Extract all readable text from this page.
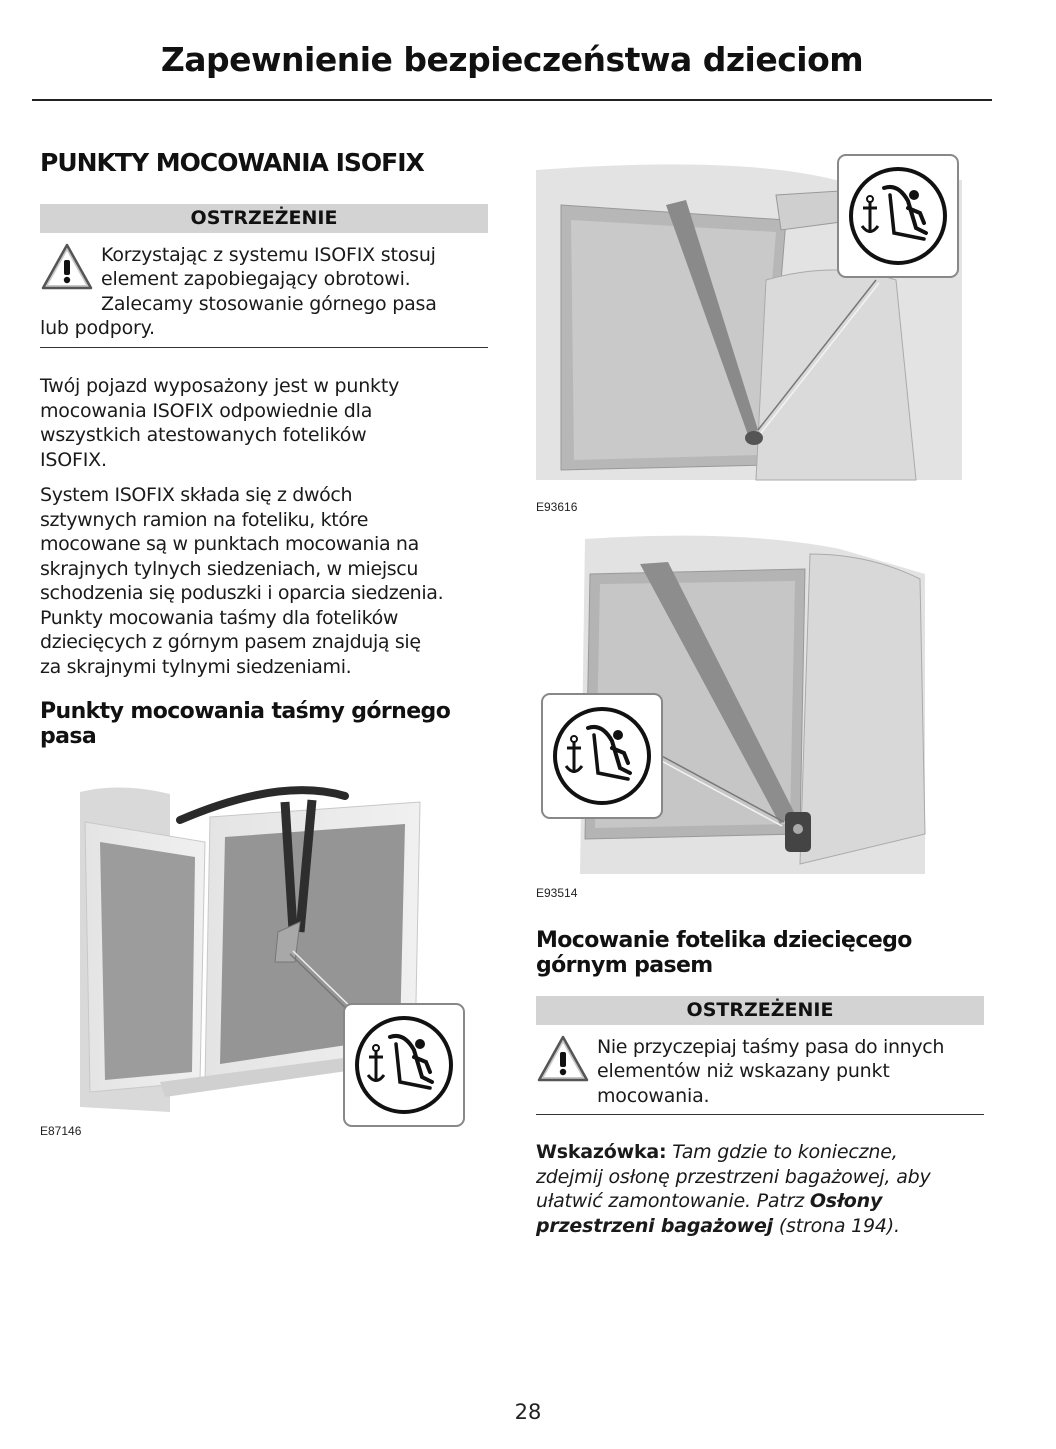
Zapewnienie bezpieczeństwa dzieciom
PUNKTY MOCOWANIA ISOFIX
OSTRZEŻENIE
Korzystając z systemu ISOFIX stosuj
element zapobiegający obrotowi.
Zalecamy stosowanie górnego pasa
lub podpory.
Twój pojazd wyposażony jest w punkty
mocowania ISOFIX odpowiednie dla
wszystkich atestowanych fotelików
ISOFIX.
System ISOFIX składa się z dwóch
sztywnych ramion na foteliku, które
mocowane są w punktach mocowania na
skrajnych tylnych siedzeniach, w miejscu
schodzenia się poduszki i oparcia siedzenia.
Punkty mocowania taśmy dla fotelików
dziecięcych z górnym pasem znajdują się
za skrajnymi tylnymi siedzeniami.
Punkty mocowania taśmy górnego
pasa
E87146
E93616
E93514
Mocowanie fotelika dziecięcego
górnym pasem
OSTRZEŻENIE
Nie przyczepiaj taśmy pasa do innych
elementów niż wskazany punkt
mocowania.
Wskazówka: Tam gdzie to konieczne,
zdejmij osłonę przestrzeni bagażowej, aby
ułatwić zamontowanie. Patrz Osłony
przestrzeni bagażowej (strona 194).
28
